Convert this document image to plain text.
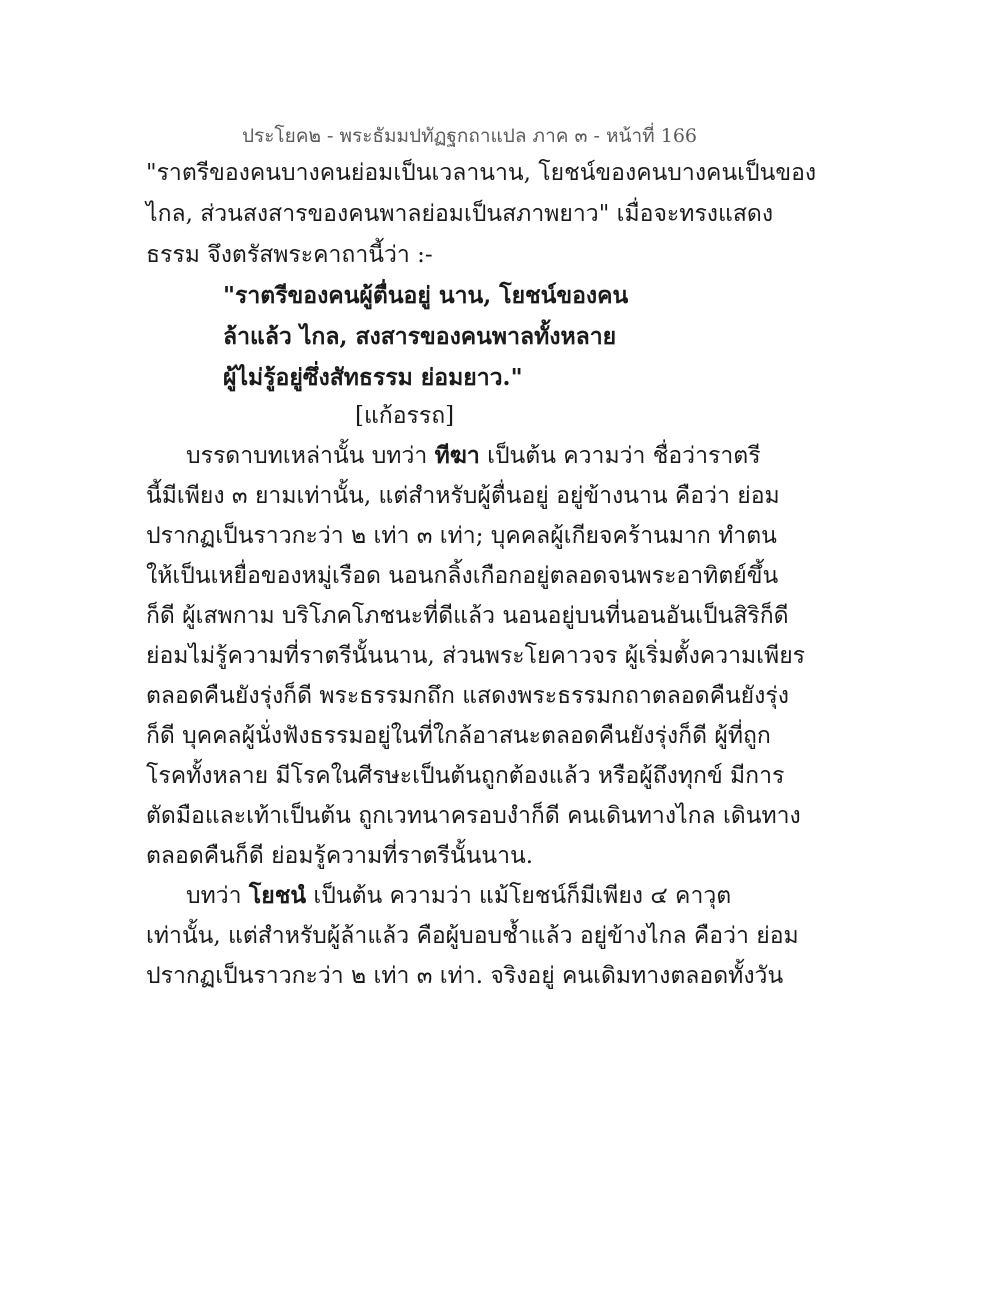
ประโยค๒ - พระธัมมปทัฏฐกถาแปล ภาค ๓ - หน้าที่ 166
"ราตรีของคนบางคนย่อมเป็นเวลานาน, โยชน์ของคนบางคนเป็นของ
ไกล, ส่วนสงสารของคนพาลย่อมเป็นสภาพยาว" เมื่อจะทรงแสดง
ธรรม จึงตรัสพระคาถานี้ว่า :-
"ราตรีของคนผู้ตื่นอยู่ นาน, โยชน์ของคน
ล้าแล้ว ไกล, สงสารของคนพาลทั้งหลาย
ผู้ไม่รู้อยู่ซึ่งสัทธรรม ย่อมยาว."
[แก้อรรถ]
บรรดาบทเหล่านั้น บทว่า ทีฆา เป็นต้น ความว่า ชื่อว่าราตรี
นี้มีเพียง ๓ ยามเท่านั้น, แต่สำหรับผู้ตื่นอยู่ อยู่ข้างนาน คือว่า ย่อม
ปรากฏเป็นราวกะว่า ๒ เท่า ๓ เท่า; บุคคลผู้เกียจคร้านมาก ทำตน
ให้เป็นเหยื่อของหมู่เรือด นอนกลิ้งเกือกอยู่ตลอดจนพระอาทิตย์ขึ้น
ก็ดี ผู้เสพกาม บริโภคโภชนะที่ดีแล้ว นอนอยู่บนที่นอนอันเป็นสิริก็ดี
ย่อมไม่รู้ความที่ราตรีนั้นนาน, ส่วนพระโยคาวจร ผู้เริ่มตั้งความเพียร
ตลอดคืนยังรุ่งก็ดี พระธรรมกถึก แสดงพระธรรมกถาตลอดคืนยังรุ่ง
ก็ดี บุคคลผู้นั่งฟังธรรมอยู่ในที่ใกล้อาสนะตลอดคืนยังรุ่งก็ดี ผู้ที่ถูก
โรคทั้งหลาย มีโรคในศีรษะเป็นต้นถูกต้องแล้ว หรือผู้ถึงทุกข์ มีการ
ตัดมือและเท้าเป็นต้น ถูกเวทนาครอบงำก็ดี คนเดินทางไกล เดินทาง
ตลอดคืนก็ดี ย่อมรู้ความที่ราตรีนั้นนาน.
บทว่า โยชนํ เป็นต้น ความว่า แม้โยชน์ก็มีเพียง ๔ คาวุต
เท่านั้น, แต่สำหรับผู้ล้าแล้ว คือผู้บอบช้ำแล้ว อยู่ข้างไกล คือว่า ย่อม
ปรากฏเป็นราวกะว่า ๒ เท่า ๓ เท่า. จริงอยู่ คนเดิมทางตลอดทั้งวัน
